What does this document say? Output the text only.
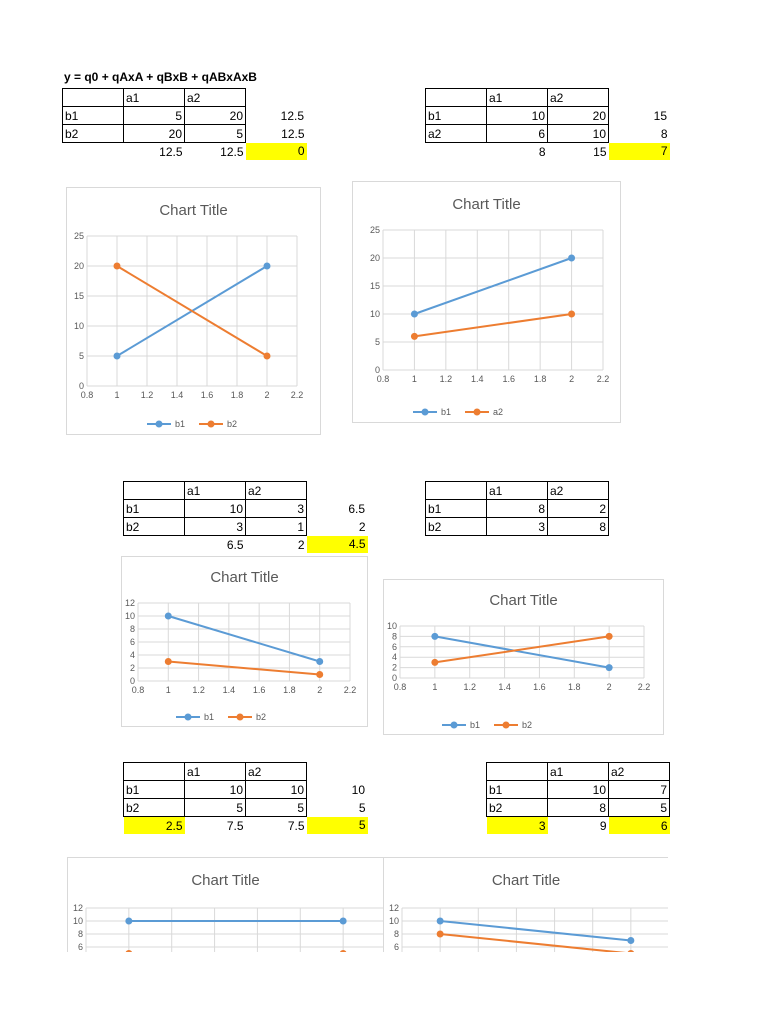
y = q0 + qAxA + qBxB + qABxAxB
	a1	a2	
b1	5	20	12.5
b2	20	5	12.5
	12.5	12.5	0
	a1	a2	
b1	10	20	15
a2	6	10	8
	8	15	7
	a1	a2	
b1	10	3	6.5
b2	3	1	2
	6.5	2	4.5
	a1	a2
b1	8	2
b2	3	8
	a1	a2	
b1	10	10	10
b2	5	5	5
2.5	7.5	7.5	5
	a1	a2
b1	10	7
b2	8	5
3	9	6
0
5
10
15
20
25
0.8 1 1.2 1.4 1.6 1.8 2 2.2
b1	b2
Chart Title
0
5
10
15
20
25
0.8	1	1.2 1.4 1.6 1.8	2	2.2
b1	a2
Chart Title
0
2
4
6
8
10
12
0.8 1 1.2 1.4 1.6 1.8 2 2.2
b1	b2
Chart Title
0
2
4
6
8
10
0.8	1	1.2 1.4 1.6 1.8	2	2.2
b1	b2
Chart Title
0
2
4
6
8
10
12
Chart Title
0
2
4
6
8
10
12
Chart Title
